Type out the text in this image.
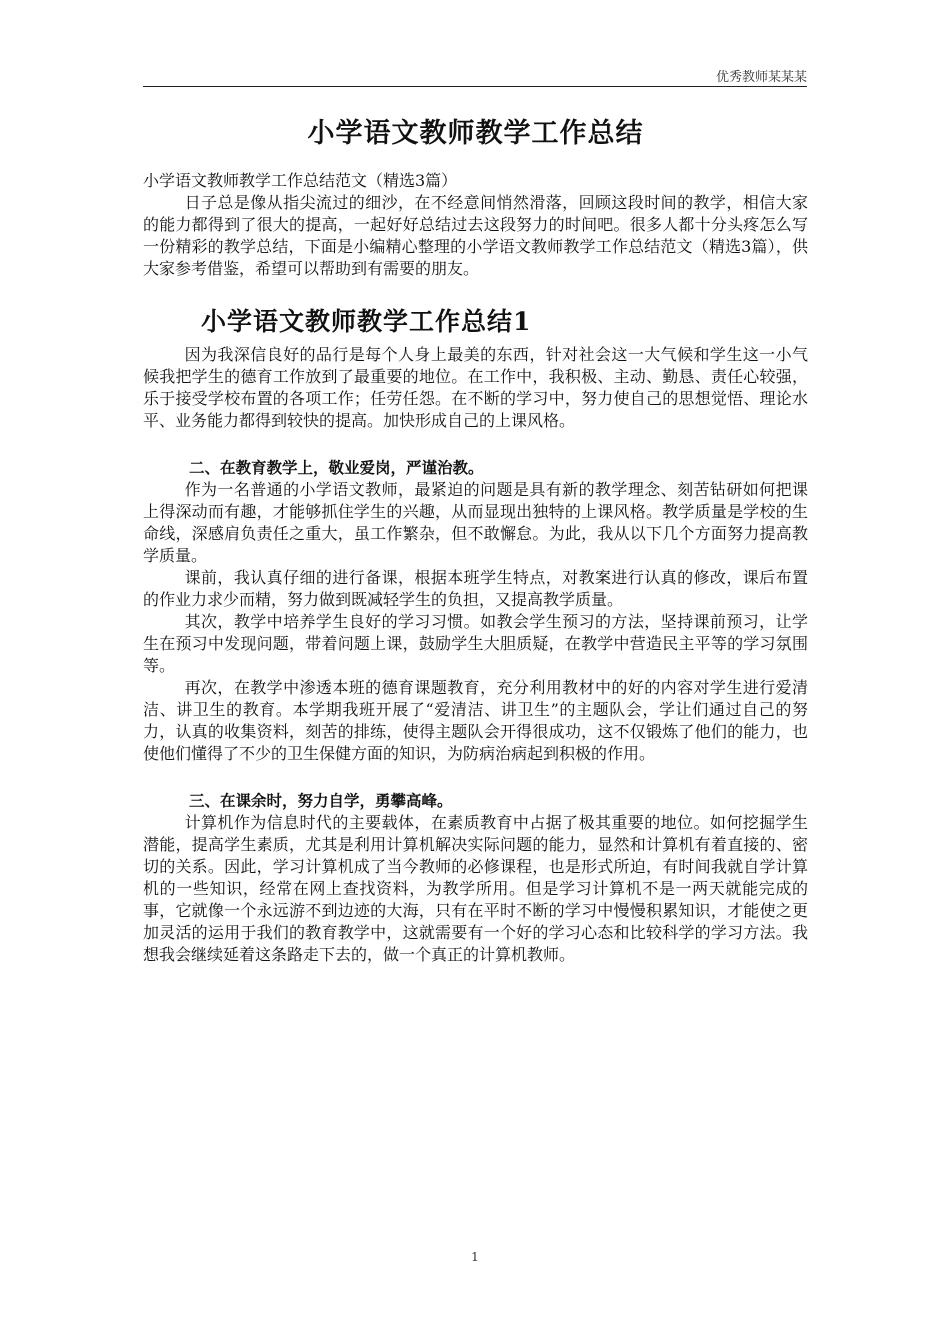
优秀教师某某某
小学语文教师教学工作总结
小学语文教师教学工作总结范文（精选3篇）

日子总是像从指尖流过的细沙，在不经意间悄然滑落，回顾这段时间的教学，相信大家的能力都得到了很大的提高，一起好好总结过去这段努力的时间吧。很多人都十分头疼怎么写一份精彩的教学总结，下面是小编精心整理的小学语文教师教学工作总结范文（精选3篇），供大家参考借鉴，希望可以帮助到有需要的朋友。

小学语文教师教学工作总结1

因为我深信良好的品行是每个人身上最美的东西，针对社会这一大气候和学生这一小气候我把学生的德育工作放到了最重要的地位。在工作中，我积极、主动、勤恳、责任心较强，乐于接受学校布置的各项工作；任劳任怨。在不断的学习中，努力使自己的思想觉悟、理论水平、业务能力都得到较快的提高。加快形成自己的上课风格。

二、在教育教学上，敬业爱岗，严谨治教。

作为一名普通的小学语文教师，最紧迫的问题是具有新的教学理念、刻苦钻研如何把课上得深动而有趣，才能够抓住学生的兴趣，从而显现出独特的上课风格。教学质量是学校的生命线，深感肩负责任之重大，虽工作繁杂，但不敢懈怠。为此，我从以下几个方面努力提高教学质量。

课前，我认真仔细的进行备课，根据本班学生特点，对教案进行认真的修改，课后布置的作业力求少而精，努力做到既减轻学生的负担，又提高教学质量。

其次，教学中培养学生良好的学习习惯。如教会学生预习的方法，坚持课前预习，让学生在预习中发现问题，带着问题上课，鼓励学生大胆质疑，在教学中营造民主平等的学习氛围等。

再次，在教学中渗透本班的德育课题教育，充分利用教材中的好的内容对学生进行爱清洁、讲卫生的教育。本学期我班开展了“爱清洁、讲卫生”的主题队会，学让们通过自己的努力，认真的收集资料，刻苦的排练，使得主题队会开得很成功，这不仅锻炼了他们的能力，也使他们懂得了不少的卫生保健方面的知识，为防病治病起到积极的作用。

三、在课余时，努力自学，勇攀高峰。

计算机作为信息时代的主要载体，在素质教育中占据了极其重要的地位。如何挖掘学生潜能，提高学生素质，尤其是利用计算机解决实际问题的能力，显然和计算机有着直接的、密切的关系。因此，学习计算机成了当今教师的必修课程，也是形式所迫，有时间我就自学计算机的一些知识，经常在网上查找资料，为教学所用。但是学习计算机不是一两天就能完成的事，它就像一个永远游不到边迹的大海，只有在平时不断的学习中慢慢积累知识，才能使之更加灵活的运用于我们的教育教学中，这就需要有一个好的学习心态和比较科学的学习方法。我想我会继续延着这条路走下去的，做一个真正的计算机教师。

1
